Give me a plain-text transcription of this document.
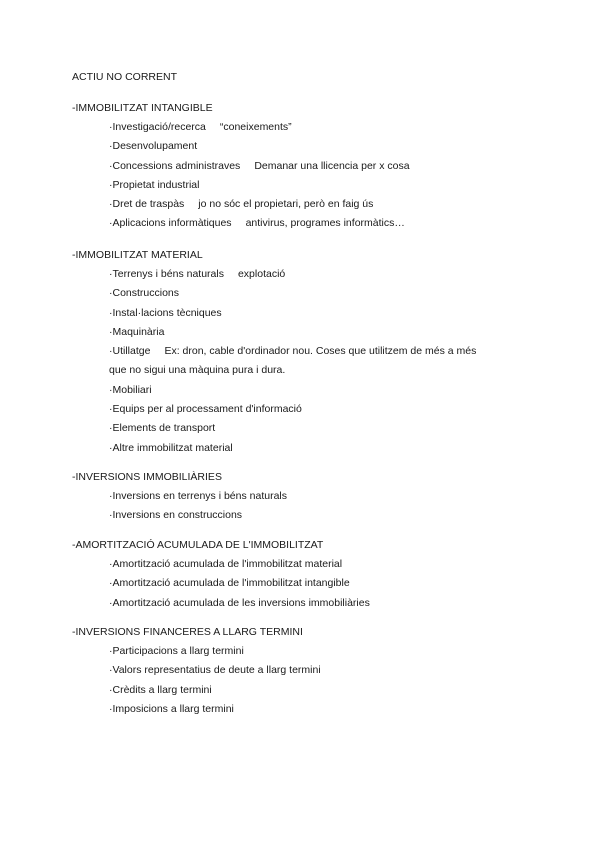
ACTIU NO CORRENT
-IMMOBILITZAT INTANGIBLE
·Investigació/recerca “coneixements”
·Desenvolupament
·Concessions administraves Demanar una llicencia per x cosa
·Propietat industrial
·Dret de traspàs jo no sóc el propietari, però en faig ús
·Aplicacions informàtiques antivirus, programes informàtics…
-IMMOBILITZAT MATERIAL
·Terrenys i béns naturals explotació
·Construccions
·Instal·lacions tècniques
·Maquinària
·Utillatge Ex: dron, cable d'ordinador nou. Coses que utilitzem de més a més
que no sigui una màquina pura i dura.
·Mobiliari
·Equips per al processament d'informació
·Elements de transport
·Altre immobilitzat material
-INVERSIONS IMMOBILIÀRIES
·Inversions en terrenys i béns naturals
·Inversions en construccions
-AMORTITZACIÓ ACUMULADA DE L'IMMOBILITZAT
·Amortització acumulada de l'immobilitzat material
·Amortització acumulada de l'immobilitzat intangible
·Amortització acumulada de les inversions immobiliàries
-INVERSIONS FINANCERES A LLARG TERMINI
·Participacions a llarg termini
·Valors representatius de deute a llarg termini
·Crèdits a llarg termini
·Imposicions a llarg termini
